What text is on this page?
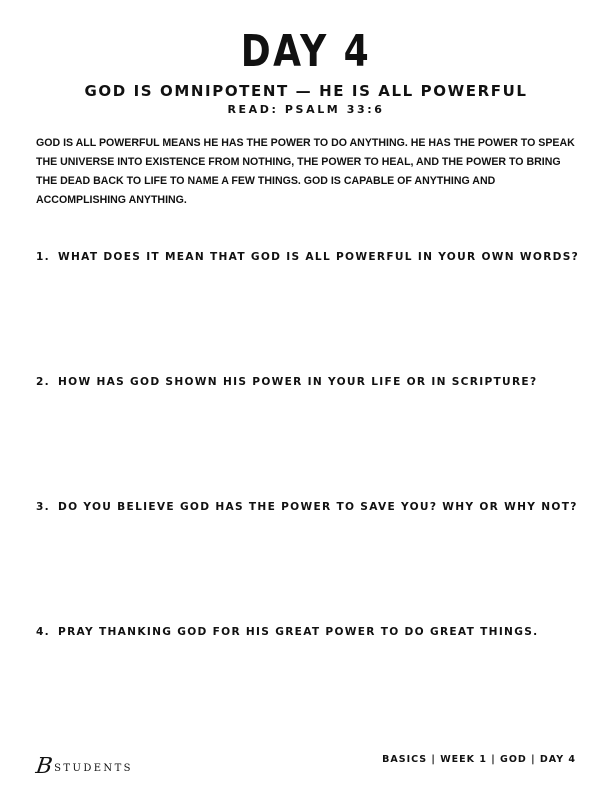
DAY 4
GOD IS OMNIPOTENT — HE IS ALL POWERFUL
READ: PSALM 33:6
GOD IS ALL POWERFUL MEANS HE HAS THE POWER TO DO ANYTHING. HE HAS THE POWER TO SPEAK THE UNIVERSE INTO EXISTENCE FROM NOTHING, THE POWER TO HEAL, AND THE POWER TO BRING THE DEAD BACK TO LIFE TO NAME A FEW THINGS. GOD IS CAPABLE OF ANYTHING AND ACCOMPLISHING ANYTHING.
1. WHAT DOES IT MEAN THAT GOD IS ALL POWERFUL IN YOUR OWN WORDS?
2. HOW HAS GOD SHOWN HIS POWER IN YOUR LIFE OR IN SCRIPTURE?
3. DO YOU BELIEVE GOD HAS THE POWER TO SAVE YOU? WHY OR WHY NOT?
4. PRAY THANKING GOD FOR HIS GREAT POWER TO DO GREAT THINGS.
B STUDENTS
BASICS | WEEK 1 | GOD | DAY 4
